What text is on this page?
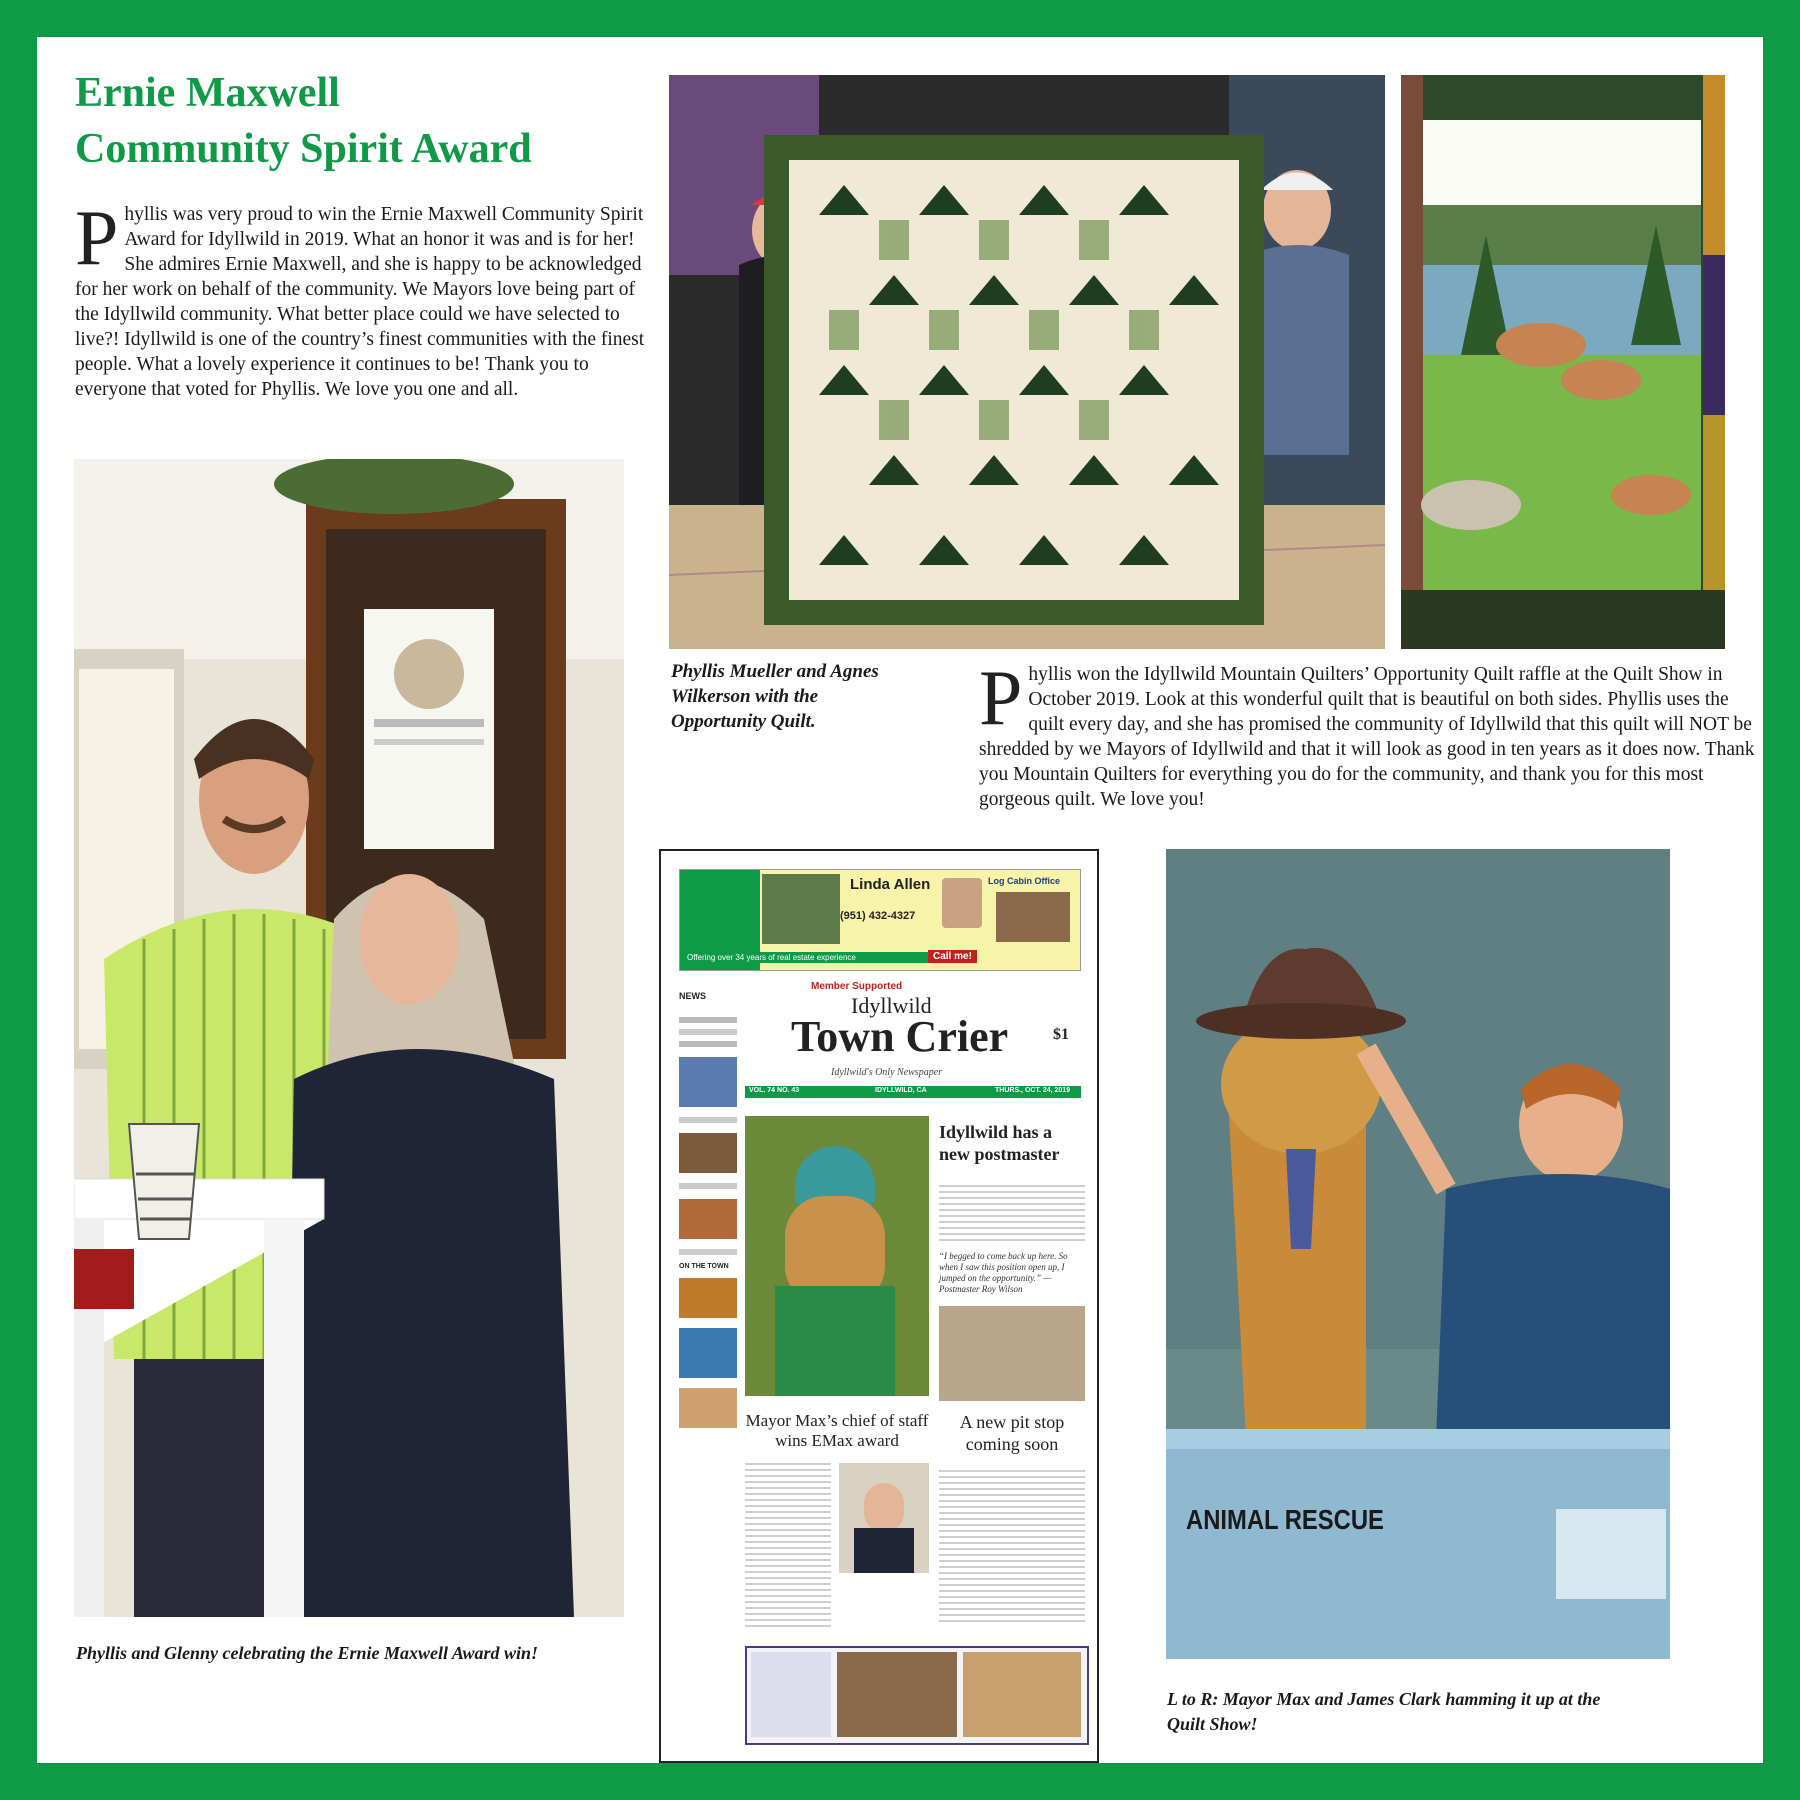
Ernie Maxwell
Community Spirit Award
P hyllis was very proud to win the Ernie Maxwell Community Spirit Award for Idyllwild in 2019. What an honor it was and is for her! She admires Ernie Maxwell, and she is happy to be acknowledged for her work on behalf of the community. We Mayors love being part of the Idyllwild community. What better place could we have selected to live?! Idyllwild is one of the country’s finest communities with the finest people. What a lovely experience it continues to be! Thank you to everyone that voted for Phyllis. We love you one and all.
Phyllis and Glenny celebrating the Ernie Maxwell Award win!
Phyllis Mueller and Agnes Wilkerson with the Opportunity Quilt.	P hyllis won the Idyllwild Mountain Quilters’ Opportunity Quilt raffle at the Quilt Show in October 2019. Look at this wonderful quilt that is beautiful on both sides. Phyllis uses the quilt every day, and she has promised the community of Idyllwild that this quilt will NOT be shredded by we Mayors of Idyllwild and that it will look as good in ten years as it does now. Thank you Mountain Quilters for everything you do for the community, and thank you for this most gorgeous quilt. We love you!
Linda Allen
(951) 432-4327
Log Cabin Office
Offering over 34 years of real estate experience	Call me!
NEWS
ON THE TOWN
Member Supported
Idyllwild
Town Crier	$1
Idyllwild's Only Newspaper
VOL. 74 NO. 43	IDYLLWILD, CA	THURS., OCT. 24, 2019
Idyllwild has a new postmaster
“I begged to come back up here. So when I saw this position open up, I jumped on the opportunity.” — Postmaster Roy Wilson
Mayor Max’s chief of staff wins EMax award
A new pit stop coming soon
ANIMAL RESCUE
L to R: Mayor Max and James Clark hamming it up at the Quilt Show!
